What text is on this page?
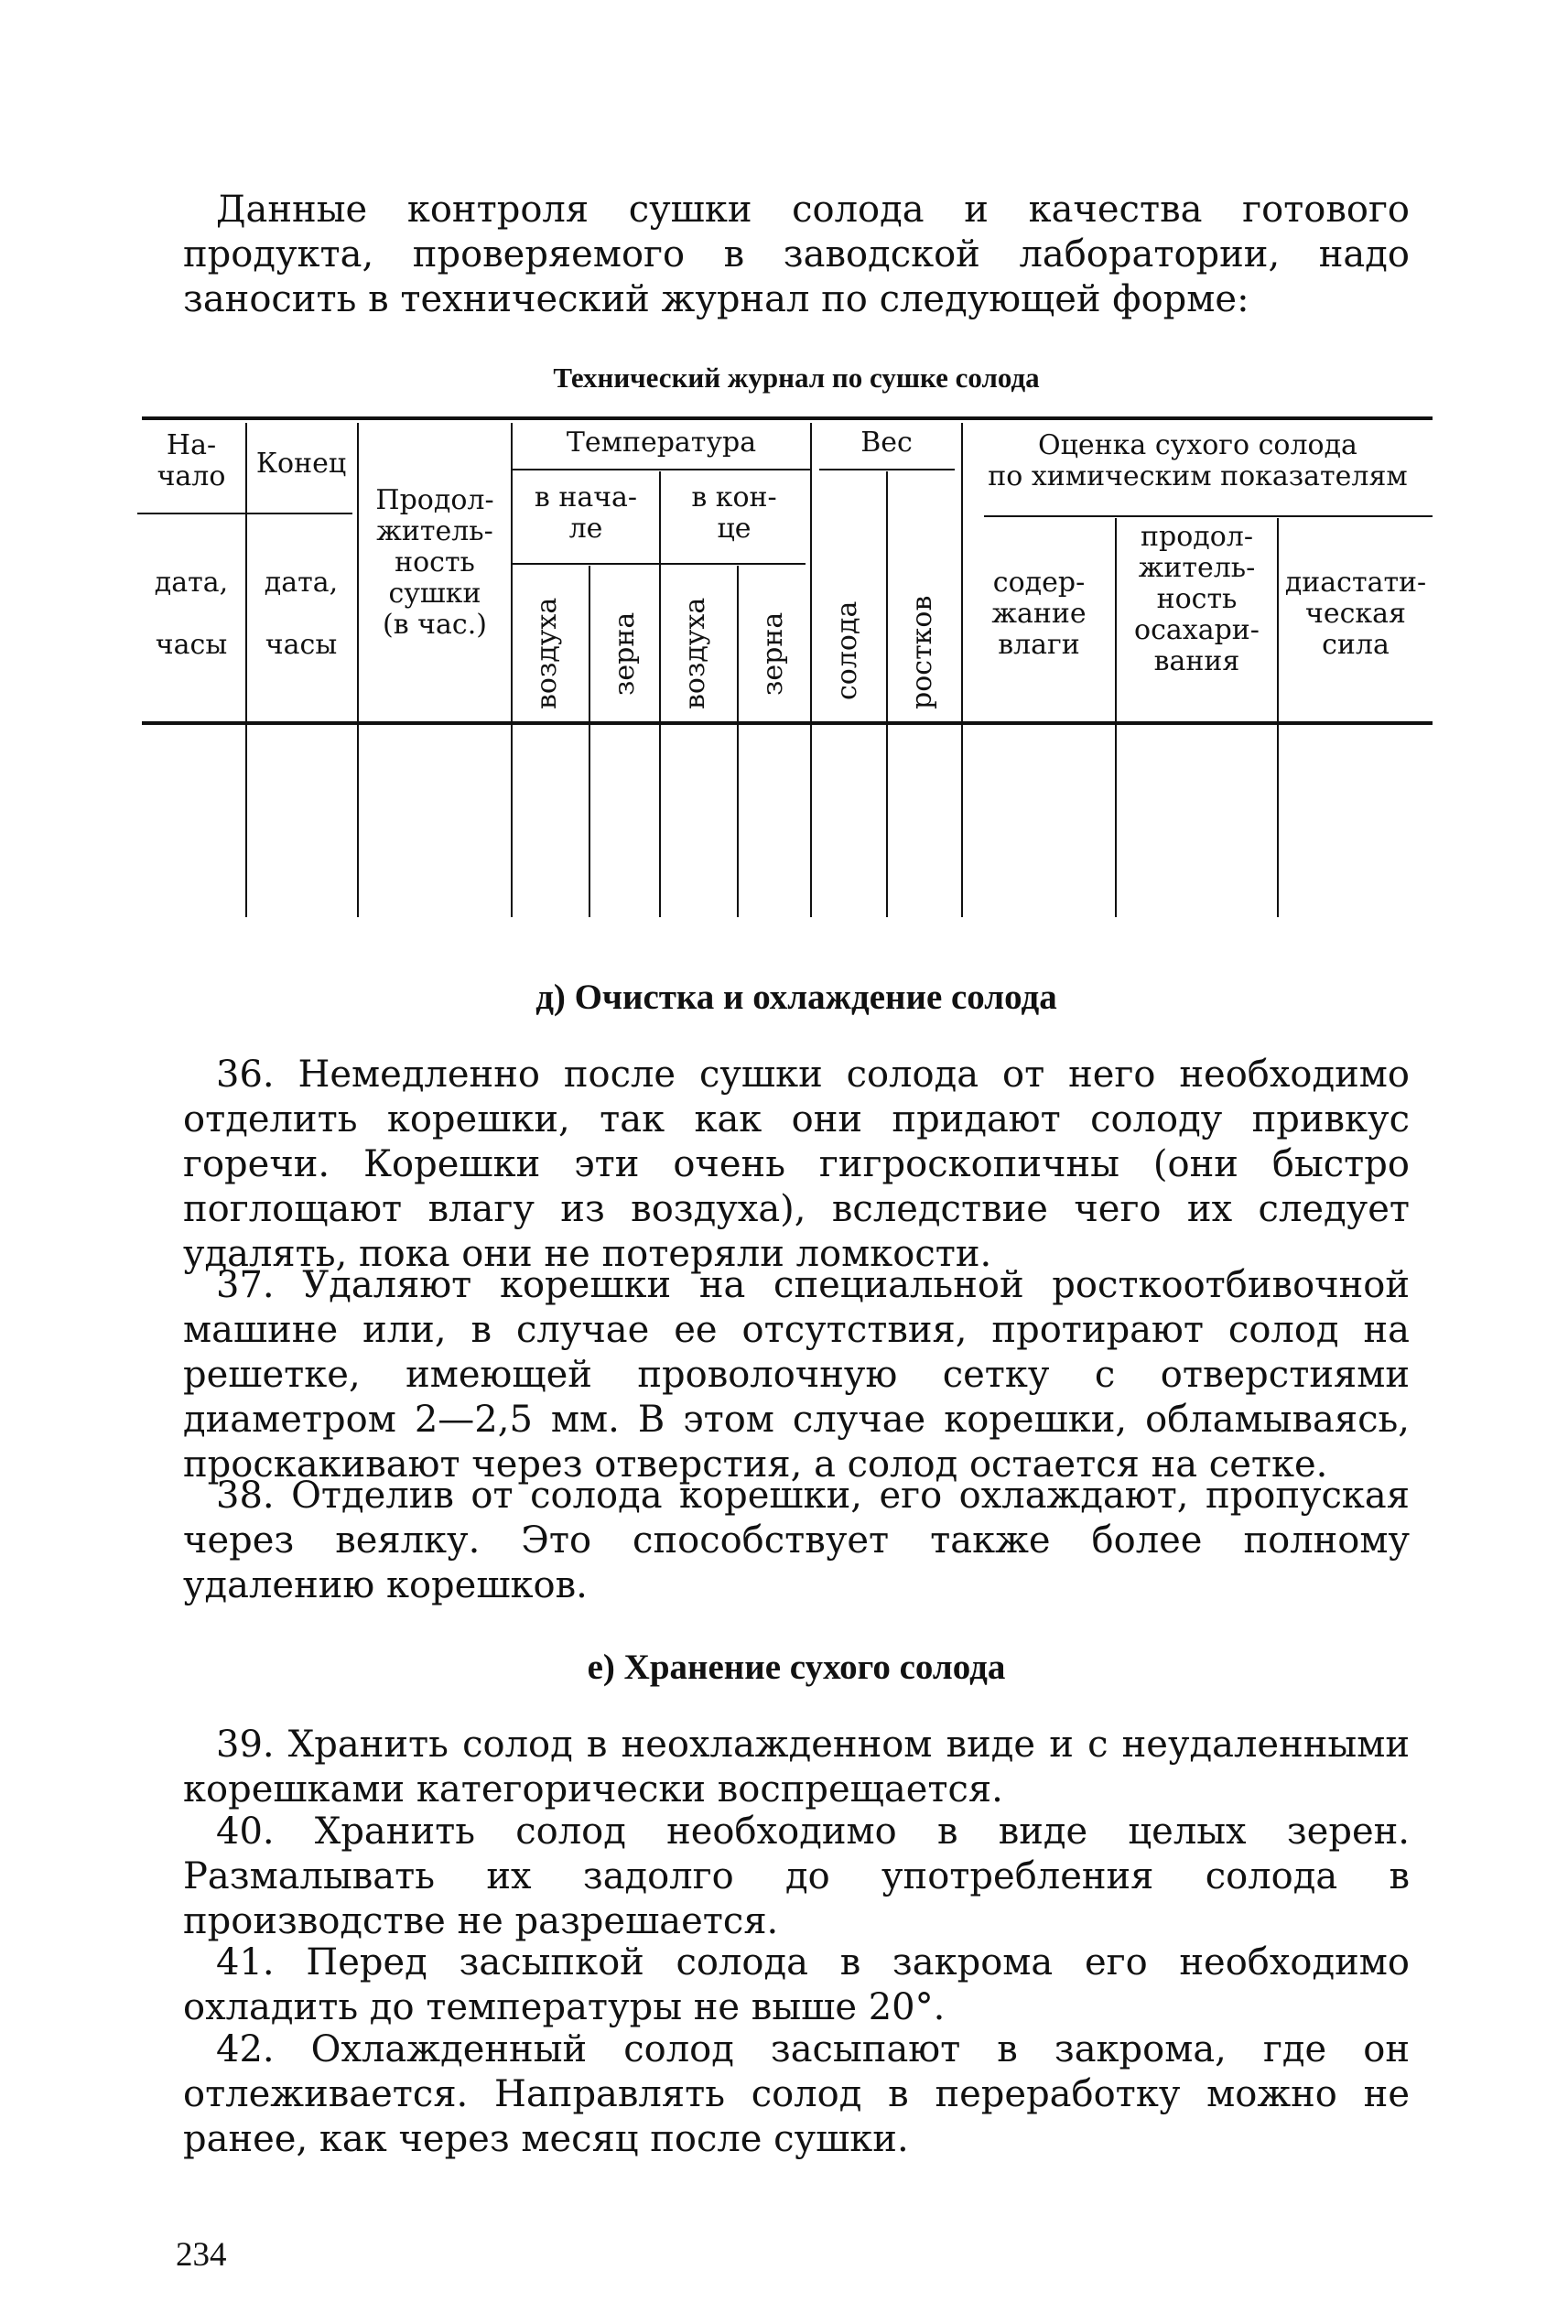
Данные контроля сушки солода и качества готового продукта, проверяемого в заводской лаборатории, надо заносить в технический журнал по следующей форме:

Технический журнал по сушке солода

На-
чало
дата,

часы
Конец
дата,

часы
Продол-
житель-
ность
сушки
(в час.)
Температура
в нача-
ле
в кон-
це
Вес	Оценка сухого солода
по химическим показателям
содер-
жание
влаги
продол-
житель-
ность
осахари-
вания
диастати-
ческая
сила
воздуха зерна воздуха зерна солода ростков
д) Очистка и охлаждение солода

36. Немедленно после сушки солода от него необходимо отделить корешки, так как они придают солоду привкус горечи. Корешки эти очень гигроскопичны (они быстро поглощают влагу из воздуха), вследствие чего их следует удалять, пока они не потеряли ломкости.

37. Удаляют корешки на специальной росткоотбивочной машине или, в случае ее отсутствия, протирают солод на решетке, имеющей проволочную сетку с отверстиями диаметром 2—2,5 мм. В этом случае корешки, обламываясь, проскакивают через отверстия, а солод остается на сетке.

38. Отделив от солода корешки, его охлаждают, пропуская через веялку. Это способствует также более полному удалению корешков.

е) Хранение сухого солода

39. Хранить солод в неохлажденном виде и с неудаленными корешками категорически воспрещается.

40. Хранить солод необходимо в виде целых зерен. Размалывать их задолго до употребления солода в производстве не разрешается.

41. Перед засыпкой солода в закрома его необходимо охладить до температуры не выше 20°.

42. Охлажденный солод засыпают в закрома, где он отлеживается. Направлять солод в переработку можно не ранее, как через месяц после сушки.

234
